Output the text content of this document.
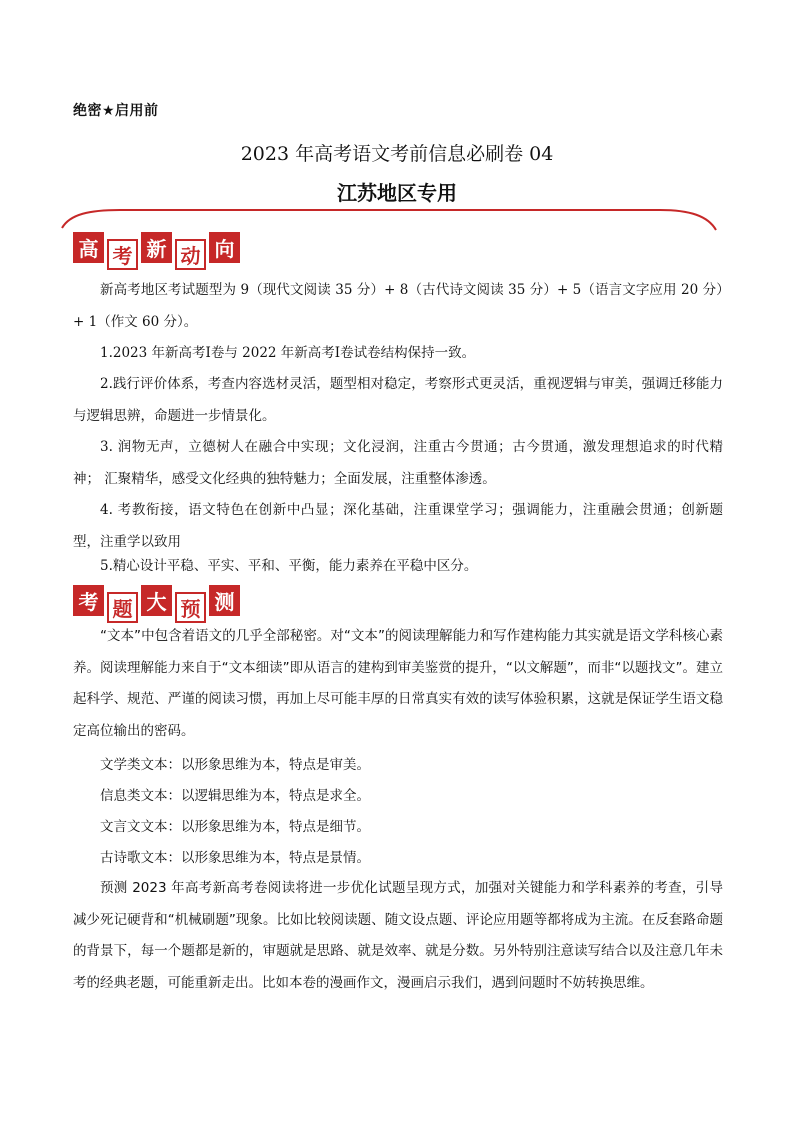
绝密★启用前
2023 年高考语文考前信息必刷卷 04
江苏地区专用
高 考 新 动 向
新高考地区考试题型为 9（现代文阅读 35 分）+ 8（古代诗文阅读 35 分）+ 5（语言文字应用 20 分）+ 1（作文 60 分）。
1.2023 年新高考Ⅰ卷与 2022 年新高考Ⅰ卷试卷结构保持一致。
2.践行评价体系，考查内容选材灵活，题型相对稳定，考察形式更灵活，重视逻辑与审美，强调迁移能力与逻辑思辨，命题进一步情景化。
3. 润物无声，立德树人在融合中实现；文化浸润，注重古今贯通；古今贯通，激发理想追求的时代精神； 汇聚精华，感受文化经典的独特魅力；全面发展，注重整体渗透。
4. 考教衔接，语文特色在创新中凸显；深化基础，注重课堂学习；强调能力，注重融会贯通；创新题型，注重学以致用
5.精心设计平稳、平实、平和、平衡，能力素养在平稳中区分。
考 题 大 预 测
“文本”中包含着语文的几乎全部秘密。对“文本”的阅读理解能力和写作建构能力其实就是语文学科核心素养。阅读理解能力来自于“文本细读”即从语言的建构到审美鉴赏的提升，“以文解题”，而非“以题找文”。建立起科学、规范、严谨的阅读习惯，再加上尽可能丰厚的日常真实有效的读写体验积累，这就是保证学生语文稳定高位输出的密码。
文学类文本：以形象思维为本，特点是审美。
信息类文本：以逻辑思维为本，特点是求全。
文言文文本：以形象思维为本，特点是细节。
古诗歌文本：以形象思维为本，特点是景情。
预测 2023 年高考新高考卷阅读将进一步优化试题呈现方式，加强对关键能力和学科素养的考查，引导减少死记硬背和“机械刷题”现象。比如比较阅读题、随文设点题、评论应用题等都将成为主流。在反套路命题的背景下，每一个题都是新的，审题就是思路、就是效率、就是分数。另外特别注意读写结合以及注意几年未考的经典老题，可能重新走出。比如本卷的漫画作文，漫画启示我们，遇到问题时不妨转换思维。
